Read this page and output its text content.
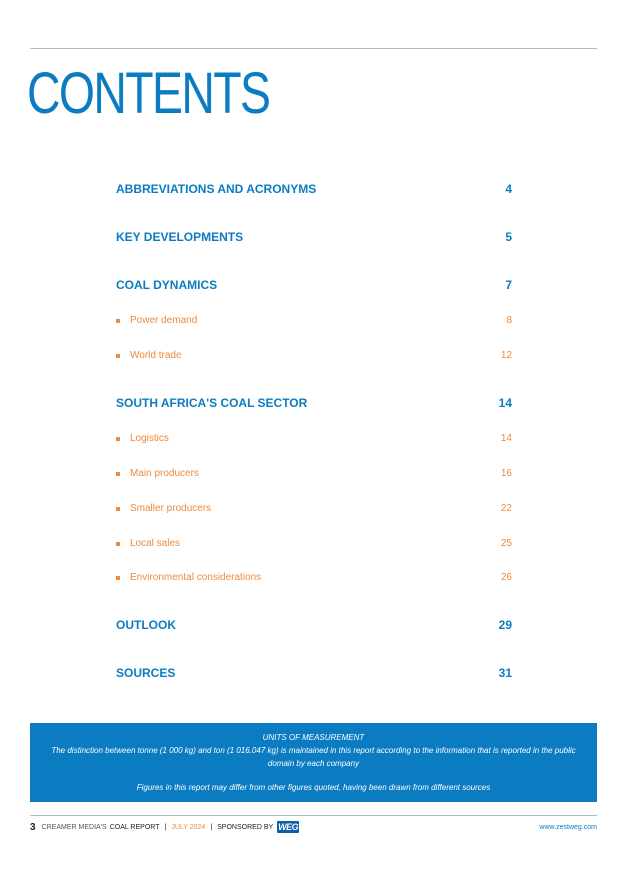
CONTENTS
ABBREVIATIONS AND ACRONYMS	4
KEY DEVELOPMENTS	5
COAL DYNAMICS	7
Power demand	8
World trade	12
SOUTH AFRICA'S COAL SECTOR	14
Logistics	14
Main producers	16
Smaller producers	22
Local sales	25
Environmental considerations	26
OUTLOOK	29
SOURCES	31

UNITS OF MEASUREMENT

The distinction between tonne (1 000 kg) and ton (1 016.047 kg) is maintained in this report according to the information that is reported in the public domain by each company

Figures in this report may differ from other figures quoted, having been drawn from different sources

3 CREAMER MEDIA'S COAL REPORT | JULY 2024 | SPONSORED BY WEG	www.zestweg.com
